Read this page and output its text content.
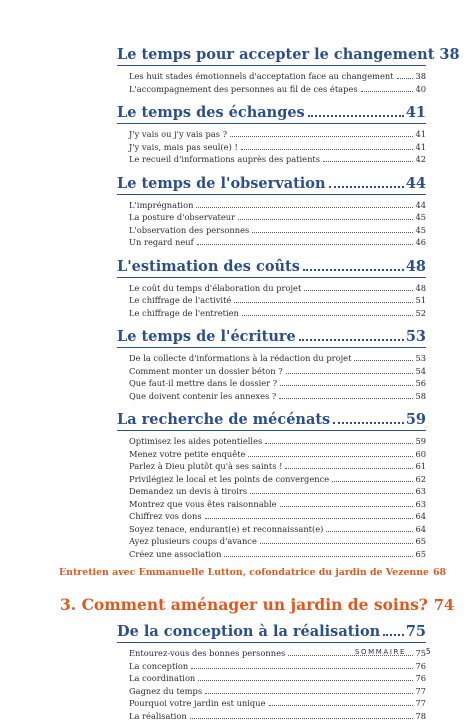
Le temps pour accepter le changement 38
Les huit stades émotionnels d'acceptation face au changement	38
L'accompagnement des personnes au fil de ces étapes	40
Le temps des échanges	41
J'y vais ou j'y vais pas ?	41
J'y vais, mais pas seul(e) !	41
Le recueil d'informations auprès des patients	42
Le temps de l'observation	44
L'imprégnation	44
La posture d'observateur	45
L'observation des personnes	45
Un regard neuf	46
L'estimation des coûts	48
Le coût du temps d'élaboration du projet	48
Le chiffrage de l'activité	51
Le chiffrage de l'entretien	52
Le temps de l'écriture	53
De la collecte d'informations à la rédaction du projet	53
Comment monter un dossier béton ?	54
Que faut-il mettre dans le dossier ?	56
Que doivent contenir les annexes ?	58
La recherche de mécénats	59
Optimisez les aides potentielles	59
Menez votre petite enquête	60
Parlez à Dieu plutôt qu'à ses saints !	61
Privilégiez le local et les points de convergence	62
Demandez un devis à tiroirs	63
Montrez que vous êtes raisonnable	63
Chiffrez vos dons	64
Soyez tenace, endurant(e) et reconnaissant(e)	64
Ayez plusieurs coups d'avance	65
Créez une association	65
Entretien avec Emmanuelle Lutton, cofondatrice du jardin de Vezenne 68
3. Comment aménager un jardin de soins? 74
De la conception à la réalisation 75
Entourez-vous des bonnes personnes	75
La conception	76
La coordination	76
Gagnez du temps	77
Pourquoi votre jardin est unique	77
La réalisation	78
SOMMAIRE	5
